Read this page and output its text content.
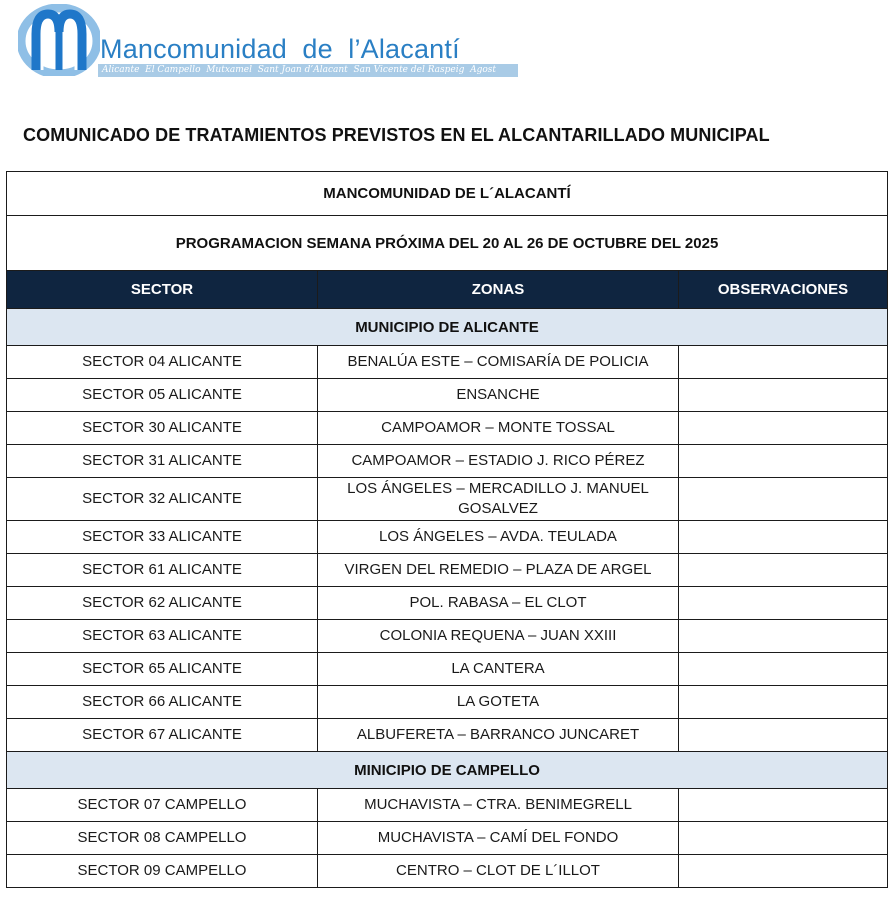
Mancomunidad  de  l’Alacantí
Alicante  El Campello  Mutxamel  Sant Joan d’Alacant  San Vicente del Raspeig  Agost
COMUNICADO DE TRATAMIENTOS PREVISTOS EN EL ALCANTARILLADO MUNICIPAL
MANCOMUNIDAD DE L´ALACANTÍ		
PROGRAMACION SEMANA PRÓXIMA DEL 20 AL 26 DE OCTUBRE DEL 2025		
SECTOR	ZONAS	OBSERVACIONES
MUNICIPIO DE ALICANTE		
SECTOR 04 ALICANTE	BENALÚA ESTE – COMISARÍA DE POLICIA	
SECTOR 05 ALICANTE	ENSANCHE	
SECTOR 30 ALICANTE	CAMPOAMOR – MONTE TOSSAL	
SECTOR 31 ALICANTE	CAMPOAMOR – ESTADIO J. RICO PÉREZ	
SECTOR 32 ALICANTE	LOS ÁNGELES – MERCADILLO J. MANUEL GOSALVEZ	
SECTOR 33 ALICANTE	LOS ÁNGELES – AVDA. TEULADA	
SECTOR 61 ALICANTE	VIRGEN DEL REMEDIO – PLAZA DE ARGEL	
SECTOR 62 ALICANTE	POL. RABASA – EL CLOT	
SECTOR 63 ALICANTE	COLONIA REQUENA – JUAN XXIII	
SECTOR 65 ALICANTE	LA CANTERA	
SECTOR 66 ALICANTE	LA GOTETA	
SECTOR 67 ALICANTE	ALBUFERETA – BARRANCO JUNCARET	
MINICIPIO DE CAMPELLO		
SECTOR 07 CAMPELLO	MUCHAVISTA – CTRA. BENIMEGRELL	
SECTOR 08 CAMPELLO	MUCHAVISTA – CAMÍ DEL FONDO	
SECTOR 09 CAMPELLO	CENTRO – CLOT DE L´ILLOT	
